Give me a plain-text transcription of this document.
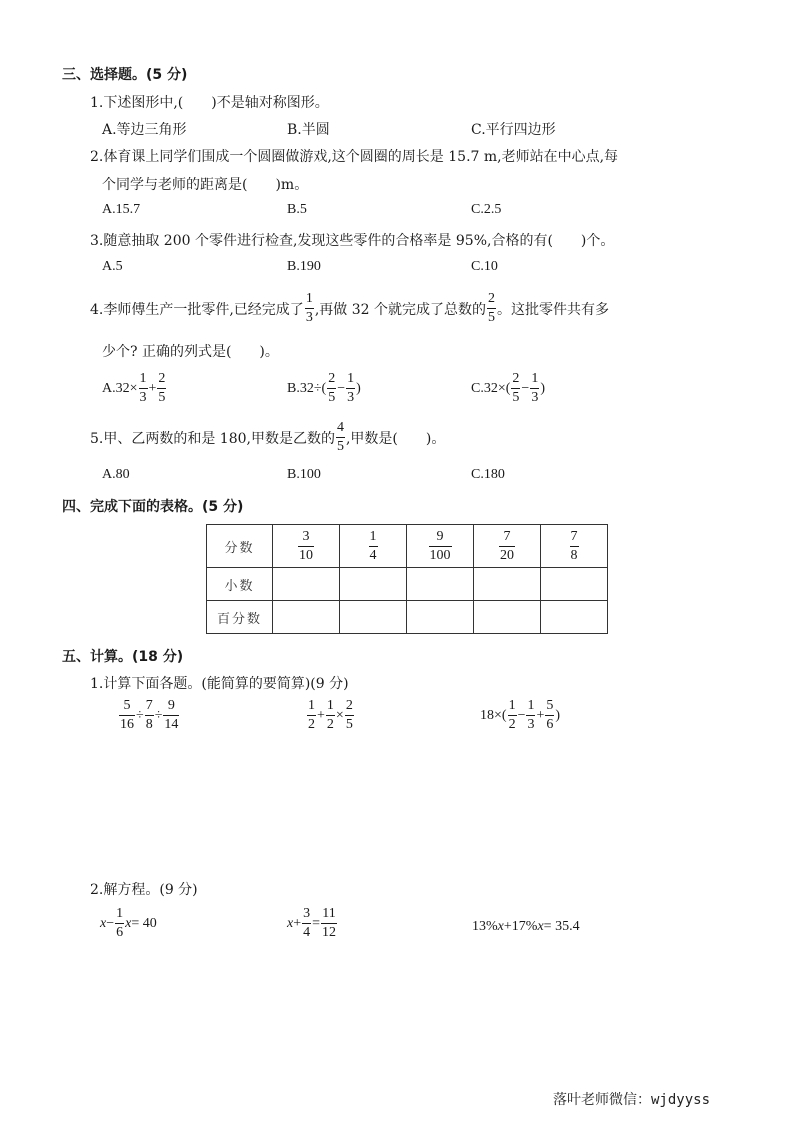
三、选择题。(5 分)
1.下述图形中,(　　)不是轴对称图形。
A.等边三角形	B.半圆	C.平行四边形
2.体育课上同学们围成一个圆圈做游戏,这个圆圈的周长是 15.7 m,老师站在中心点,每
个同学与老师的距离是(　　)m。
A.15.7	B.5	C.2.5
3.随意抽取 200 个零件进行检查,发现这些零件的合格率是 95%,合格的有(　　)个。
A.5	B.190	C.10
4.李师傅生产一批零件,已经完成了 $\frac{1}{3}$ ,再做 32 个就完成了总数的 $\frac{2}{5}$ 。这批零件共有多
少个? 正确的列式是(　　)。
$A.32\times \frac{1}{3} + \frac{2}{5}$	$B.32\div( \frac{2}{5} - \frac{1}{3}$ )	$C.32\times( \frac{2}{5} - \frac{1}{3}$ )
5.甲、乙两数的和是 180,甲数是乙数的 $\frac{4}{5}$ ,甲数是(　　)。
A.80	B.100	C.180
四、完成下面的表格。(5 分)
分数	$\frac{3}{10}$	$\frac{1}{4}$	$\frac{9}{100}$	$\frac{7}{20}$	$\frac{7}{8}$

小数					
百分数					
五、计算。(18 分)
1.计算下面各题。(能简算的要简算)(9 分)
$\frac{5}{16} \div \frac{7}{8} \div \frac{9}{14}$	$\frac{1}{2} + \frac{1}{2} \times \frac{2}{5}$	$18\times( \frac{1}{2} - \frac{1}{3} + \frac{5}{6}$ )
2.解方程。(9 分)
$x - \frac{1}{6}$ x = 40	$x + \frac{3}{4} = \frac{11}{12}$	13%x+17%x= 35.4
落叶老师微信：wjdyyss
